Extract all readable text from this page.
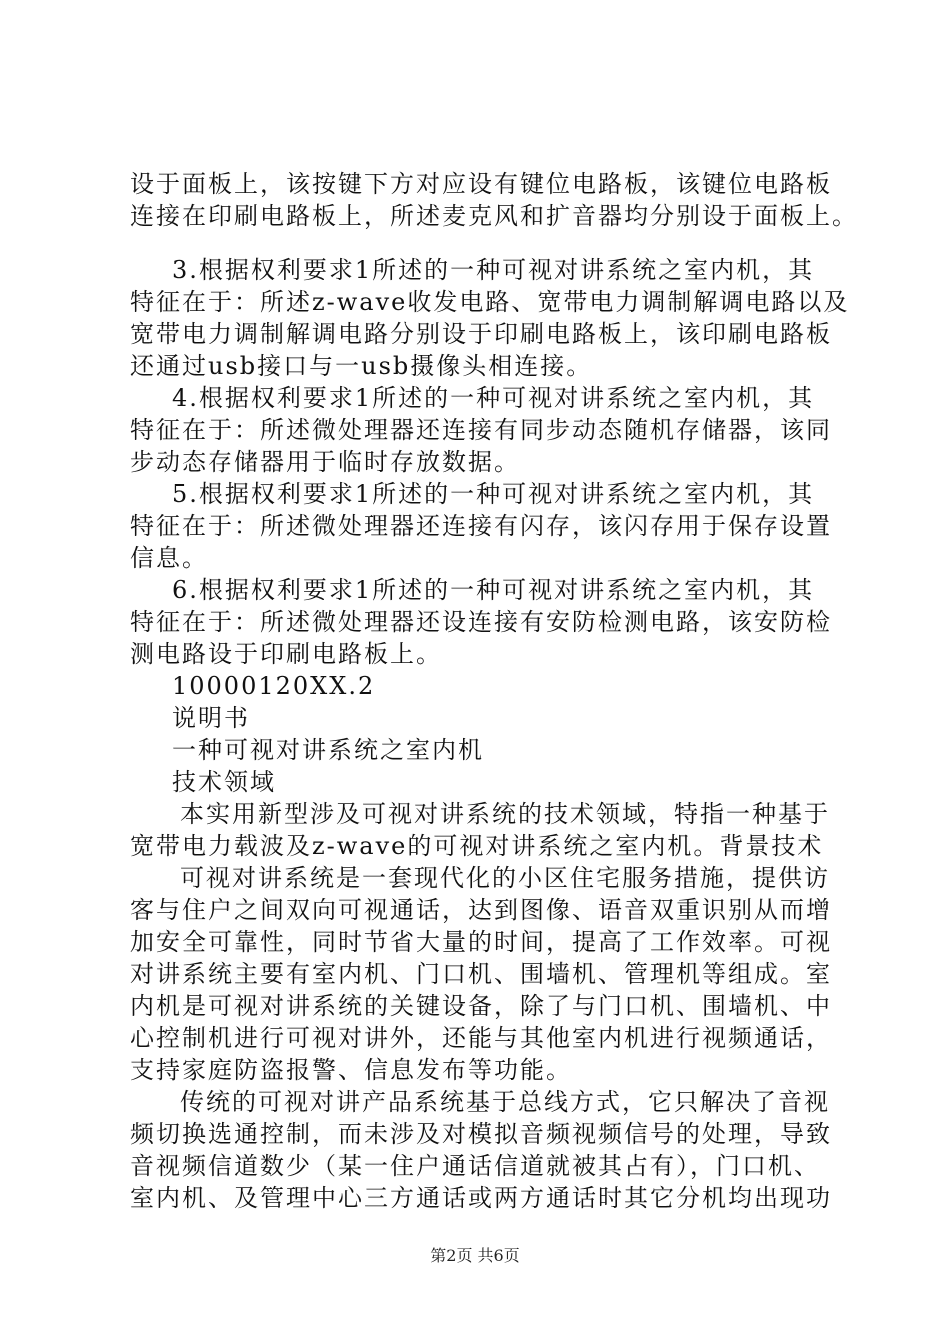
设于面板上，该按键下方对应设有键位电路板，该键位电路板
连接在印刷电路板上，所述麦克风和扩音器均分别设于面板上。
3.根据权利要求1所述的一种可视对讲系统之室内机，其
特征在于：所述z-wave收发电路、宽带电力调制解调电路以及
宽带电力调制解调电路分别设于印刷电路板上，该印刷电路板
还通过usb接口与一usb摄像头相连接。
4.根据权利要求1所述的一种可视对讲系统之室内机，其
特征在于：所述微处理器还连接有同步动态随机存储器，该同
步动态存储器用于临时存放数据。
5.根据权利要求1所述的一种可视对讲系统之室内机，其
特征在于：所述微处理器还连接有闪存，该闪存用于保存设置
信息。
6.根据权利要求1所述的一种可视对讲系统之室内机，其
特征在于：所述微处理器还设连接有安防检测电路，该安防检
测电路设于印刷电路板上。
10000120XX.2
说明书
一种可视对讲系统之室内机
技术领域
本实用新型涉及可视对讲系统的技术领域，特指一种基于
宽带电力载波及z-wave的可视对讲系统之室内机。背景技术
可视对讲系统是一套现代化的小区住宅服务措施，提供访
客与住户之间双向可视通话，达到图像、语音双重识别从而增
加安全可靠性，同时节省大量的时间，提高了工作效率。可视
对讲系统主要有室内机、门口机、围墙机、管理机等组成。室
内机是可视对讲系统的关键设备，除了与门口机、围墙机、中
心控制机进行可视对讲外，还能与其他室内机进行视频通话，
支持家庭防盗报警、信息发布等功能。
传统的可视对讲产品系统基于总线方式，它只解决了音视
频切换选通控制，而未涉及对模拟音频视频信号的处理，导致
音视频信道数少（某一住户通话信道就被其占有），门口机、
室内机、及管理中心三方通话或两方通话时其它分机均出现功
第2页 共6页
